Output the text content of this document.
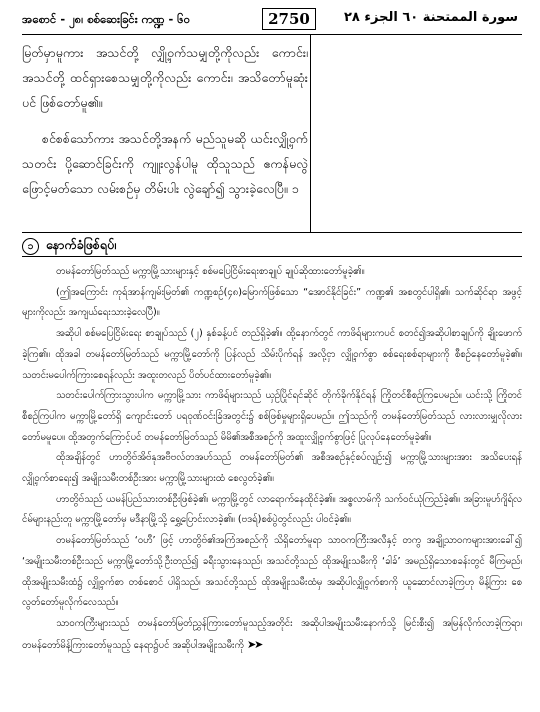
အစောင် - ၂၈၊ စစ်ဆေးခြင်း ကဏ္ဍ - ၆၀	2750	سورة الممتحنة ٦٠ الجزء ٢٨

မြတ်မှာမူကား အသင်တို့ လျှို့ဝှက်သမျှတို့ကိုလည်း ကောင်း၊ အသင်တို့ ထင်ရှားစေသမျှတို့ကိုလည်း ကောင်း၊ အသိတော်မူဆုံးပင် ဖြစ်တော်မူ၏။

စင်စစ်သော်ကား အသင်တို့အနက် မည်သူမဆို ယင်းလျှို့ဝှက်သတင်း ပို့ဆောင်ခြင်းကို ကျူးလွန်ပါမူ ထိုသူသည် ဧကန်မလွဲ ဖြောင့်မတ်သော လမ်းစဉ်မှ တိမ်းပါး လွဲချော်၍ သွားခဲ့လေပြီ။ ၁

၁	နောက်ခံဖြစ်ရပ်၊

တမန်တော်မြတ်သည် မက္ကာမြို့သားများနှင့် စစ်မပြေငြိမ်းရေးစာချုပ် ချုပ်ဆိုထားတော်မူခဲ့၏။

(ဤအကြောင်း ကုရ်အာန်ကျမ်းမြတ်၏ ကဏ္ဍစဉ်(၄၈)မြောက်ဖြစ်သော “အောင်နိုင်ခြင်း” ကဏ္ဍ၏ အစတွင်ပါရှိ၏၊ သက်ဆိုင်ရာ အဖွင့်များကိုလည်း အကျယ်ရေးသားခဲ့လေပြီ)။

အဆိုပါ စစ်မပြေငြိမ်းရေး စာချုပ်သည် (၂) နှစ်ခန့်ပင် တည်ရှိခဲ့၏။ ထို့နောက်တွင် ကာဖိရ်များကပင် စတင်၍အဆိုပါစာချုပ်ကို ချိုးဖောက်ခဲ့ကြ၏။ ထိုအခါ တမန်တော်မြတ်သည် မက္ကာမြို့တော်ကို ပြန်လည် သိမ်းပိုက်ရန် အလို့ငှာ လျှို့ဝှက်စွာ စစ်ရေးစစ်ရာများကို စီစဉ်နေတော်မူခဲ့၏။ သတင်းမပေါက်ကြားစေရန်လည်း အထူးတလည် ပိတ်ပင်ထားတော်မူခဲ့၏။

သတင်းပေါက်ကြားသွားပါက မက္ကာမြို့သား ကာဖိရ်များသည် ယှဉ်ပြိုင်ရင်ဆိုင် တိုက်ခိုက်နိုင်ရန် ကြိုတင်စီစဉ်ကြပေမည်။ ယင်းသို့ ကြိုတင်စီစဉ်ကြပါက မက္ကာမြို့တော်ရှိ ကျောင်းတော် ပရဝုဏ်ဝင်းခြံအတွင်း၌ စစ်ဖြစ်မှုများရှိပေမည်။ ဤသည်ကို တမန်တော်မြတ်သည် လားလားမျှလိုလားတော်မမူပေ။ ထို့အတွက်ကြောင့်ပင် တမန်တော်မြတ်သည် မိမိ၏အစီအစဉ်ကို အထူးလျှို့ဝှက်စွာဖြင့် ပြုလုပ်နေတော်မူခဲ့၏။

ထိုအချိန်တွင် ဟာတွိဗ်အိဗ်နုအဗီဗလ်တအဟ်သည် တမန်တော်မြတ်၏ အစီအစဉ်နှင့်စပ်လျဉ်း၍ မက္ကာမြို့သားများအား အသိပေးရန် လျှို့ဝှက်စာရေး၍ အမျိုးသမီးတစ်ဦးအား မက္ကာမြို့သားများထံ စေလွတ်ခဲ့၏။

ဟာတွိဗ်သည် ယမန်ပြည်သားတစ်ဦးဖြစ်ခဲ့၏၊ မက္ကာမြို့တွင် လာရောက်နေထိုင်ခဲ့၏။ အစ္စလာမ်ကို သက်ဝင်ယုံကြည်ခဲ့၏။ အခြားမူဟ်ဂျိရ်လင်မ်များနည်းတူ မက္ကာမြို့တော်မှ မဒီနာမြို့သို့ ရွှေ့ပြောင်းလာခဲ့၏။ (ဗဒရ်)စစ်ပွဲတွင်လည်း ပါဝင်ခဲ့၏။

တမန်တော်မြတ်သည် ‘ဝဟီ’ ဖြင့် ဟာတွိဗ်၏အကြံအစည်ကို သိရှိတော်မူရာ သာဝကကြီးအလီနှင့် တကွ အချို့သာဝကများအားခေါ်၍ ‘အမျိုးသမီးတစ်ဦးသည် မက္ကာမြို့တော်သို့ဦးတည်၍ ခရီးသွားနေသည်၊ အသင်တို့သည် ထိုအမျိုးသမီးကို ‘ခါခ်’ အမည်ရှိသောစခန်းတွင် မီကြမည်၊ ထိုအမျိုးသမီးထံ၌ လျှို့ဝှက်စာ တစ်စောင် ပါရှိသည်၊ အသင်တို့သည် ထိုအမျိုးသမီးထံမှ အဆိုပါလျှို့ဝှက်စာကို ယူဆောင်လာခဲ့ကြဟု မိန့်ကြား စေလွတ်တော်မူလိုက်လေသည်။

သာဝကကြီးများသည် တမန်တော်မြတ်ညွှန်ကြားတော်မူသည့်အတိုင်း အဆိုပါအမျိုးသမီးနောက်သို့ မြင်းစီး၍ အမြန်လိုက်လာခဲ့ကြရာ၊ တမန်တော်မိန့်ကြားတော်မူသည့် နေရာ၌ပင် အဆိုပါအမျိုးသမီးကို ➤➤
